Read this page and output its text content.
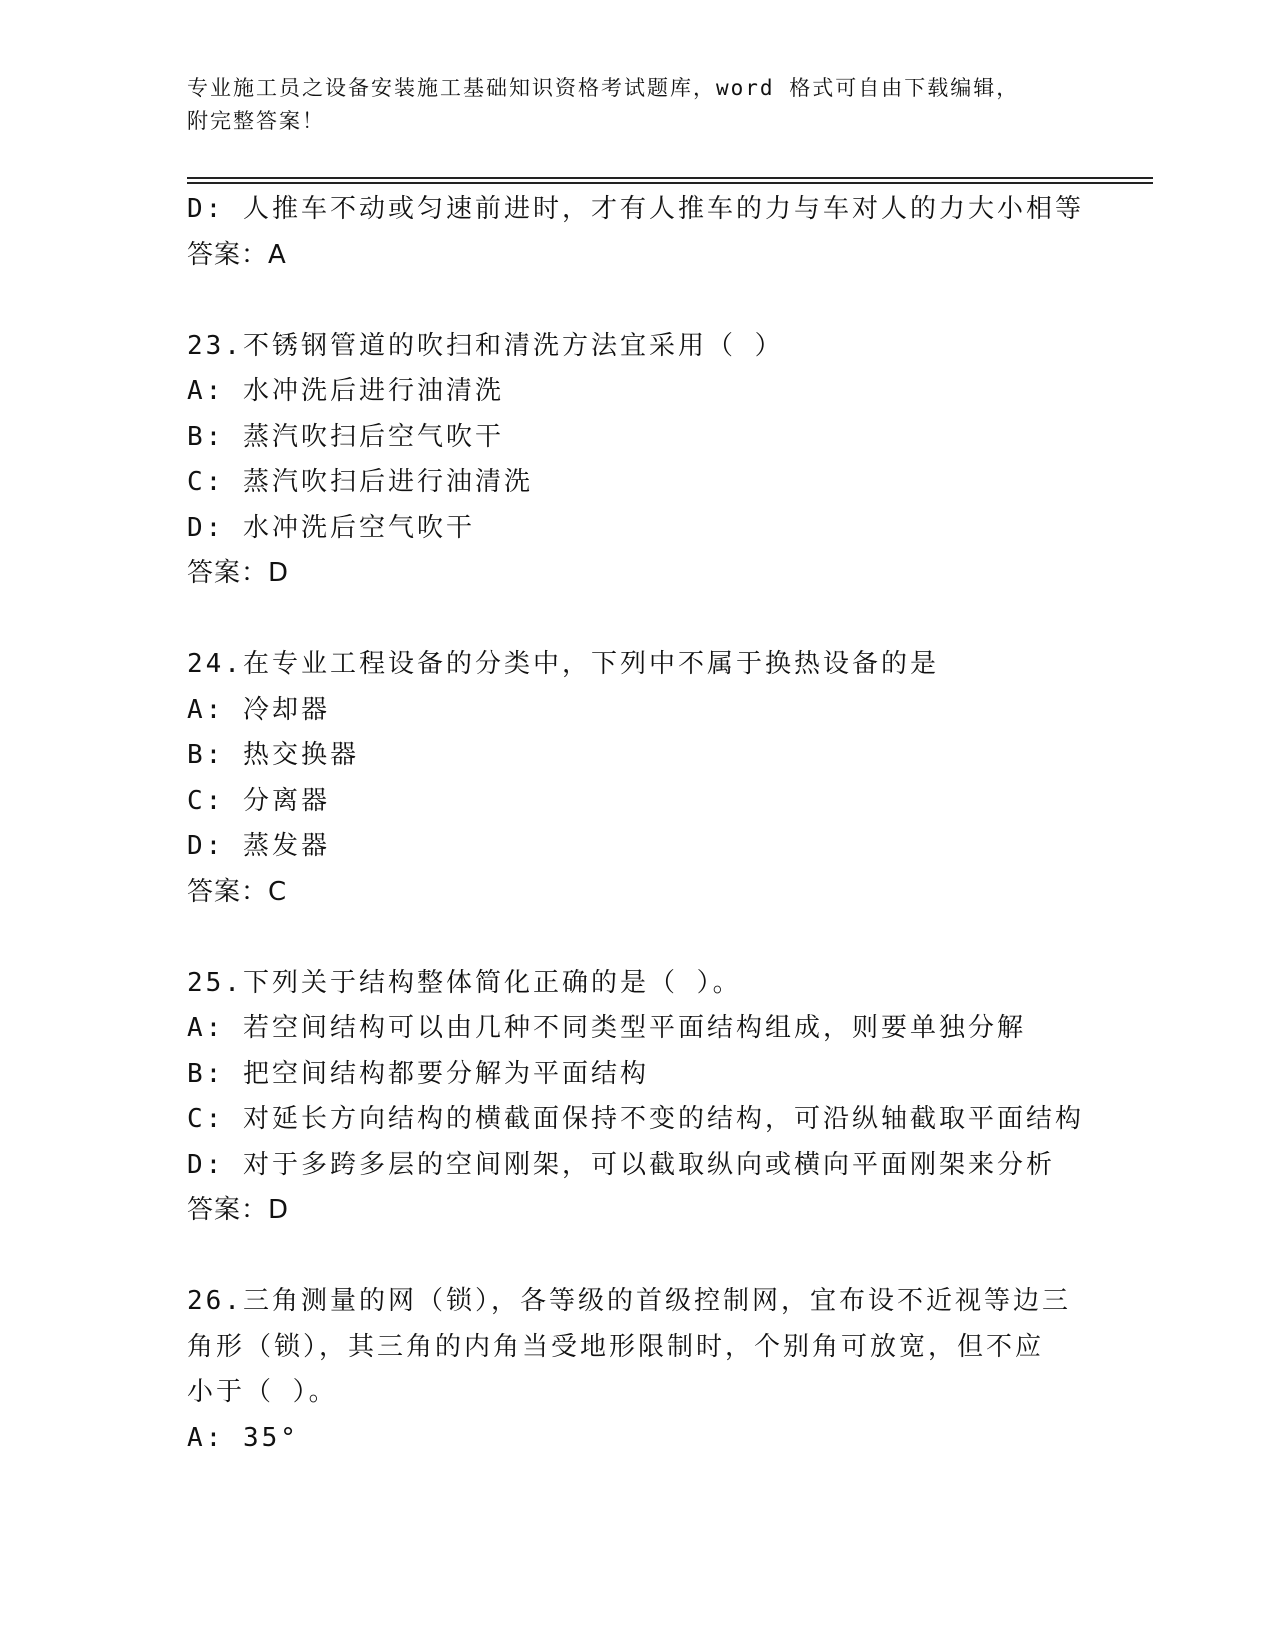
专业施工员之设备安装施工基础知识资格考试题库，word 格式可自由下载编辑，
附完整答案！
D: 人推车不动或匀速前进时，才有人推车的力与车对人的力大小相等
答案：A
23.不锈钢管道的吹扫和清洗方法宜采用（ ）
A: 水冲洗后进行油清洗
B: 蒸汽吹扫后空气吹干
C: 蒸汽吹扫后进行油清洗
D: 水冲洗后空气吹干
答案：D
24.在专业工程设备的分类中，下列中不属于换热设备的是
A: 冷却器
B: 热交换器
C: 分离器
D: 蒸发器
答案：C
25.下列关于结构整体简化正确的是（ ）。
A: 若空间结构可以由几种不同类型平面结构组成，则要单独分解
B: 把空间结构都要分解为平面结构
C: 对延长方向结构的横截面保持不变的结构，可沿纵轴截取平面结构
D: 对于多跨多层的空间刚架，可以截取纵向或横向平面刚架来分析
答案：D
26.三角测量的网（锁），各等级的首级控制网，宜布设不近视等边三
角形（锁），其三角的内角当受地形限制时，个别角可放宽，但不应
小于（ ）。
A: 35°
